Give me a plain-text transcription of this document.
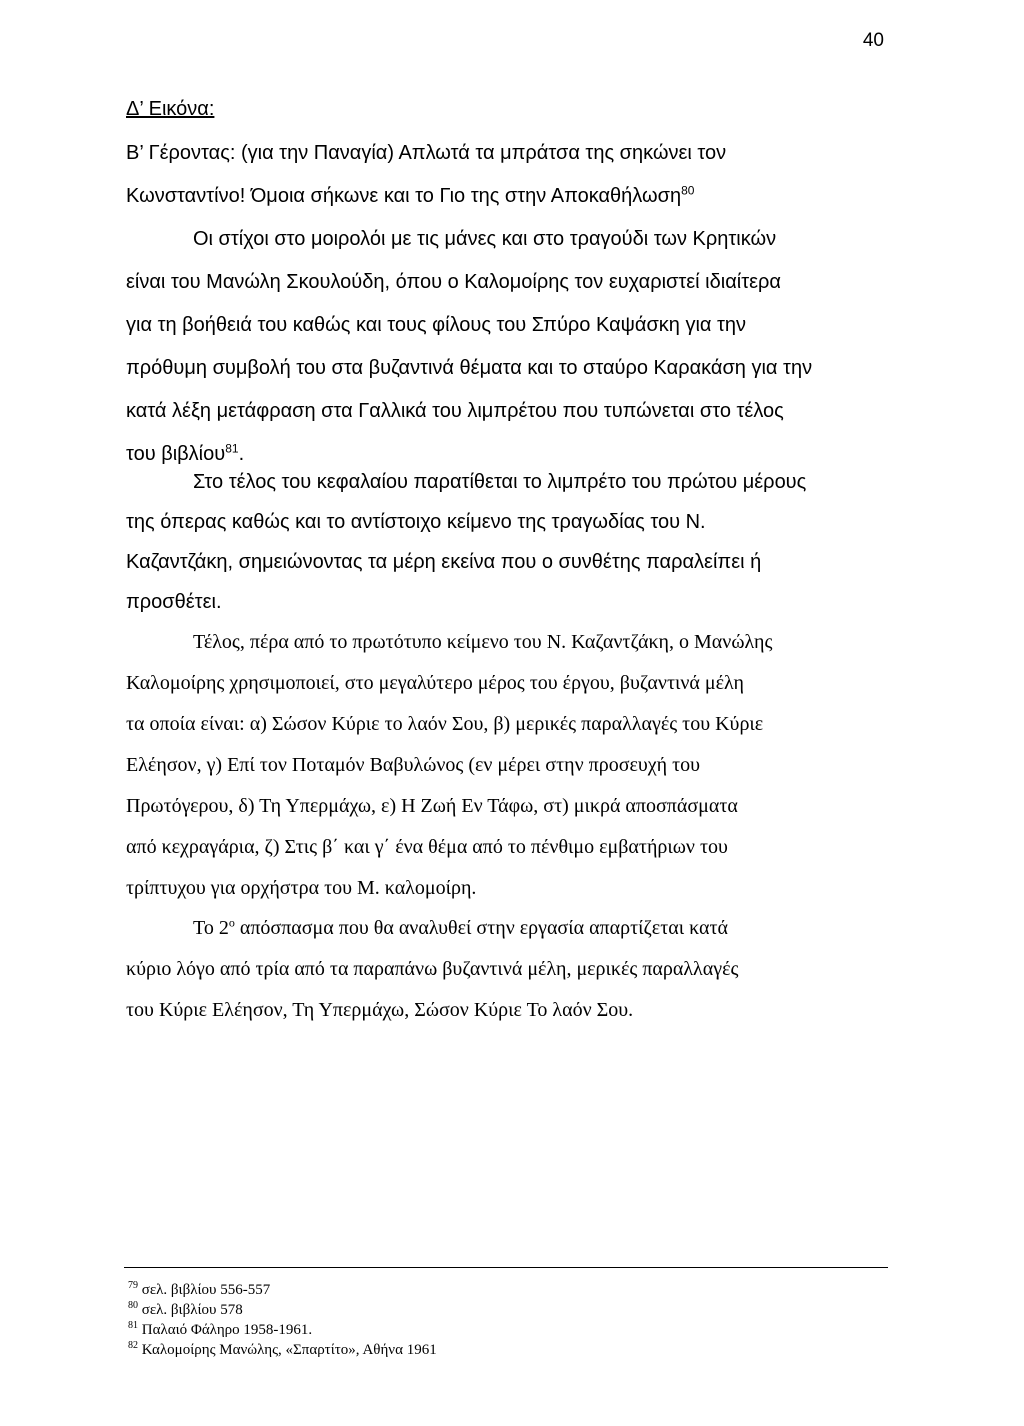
40
Δ’ Εικόνα:
Β’ Γέροντας: (για την Παναγία) Απλωτά τα μπράτσα της σηκώνει τον
Κωνσταντίνο! Όμοια σήκωνε και το Γιο της στην Αποκαθήλωση$^{80}$
Οι στίχοι στο μοιρολόι με τις μάνες και στο τραγούδι των Κρητικών
είναι του Μανώλη Σκουλούδη, όπου ο Καλομοίρης τον ευχαριστεί ιδιαίτερα
για τη βοήθειά του καθώς και τους φίλους του Σπύρο Καψάσκη για την
πρόθυμη συμβολή του στα βυζαντινά θέματα και το σταύρο Καρακάση για την
κατά λέξη μετάφραση στα Γαλλικά του λιμπρέτου που τυπώνεται στο τέλος
του βιβλίου$^{81}$.
Στο τέλος του κεφαλαίου παρατίθεται το λιμπρέτο του πρώτου μέρους
της όπερας καθώς και το αντίστοιχο κείμενο της τραγωδίας του Ν.
Καζαντζάκη, σημειώνοντας τα μέρη εκείνα που ο συνθέτης παραλείπει ή
προσθέτει.
Τέλος, πέρα από το πρωτότυπο κείμενο του Ν. Καζαντζάκη, ο Μανώλης
Καλομοίρης χρησιμοποιεί, στο μεγαλύτερο μέρος του έργου, βυζαντινά μέλη
τα οποία είναι: α) Σώσον Κύριε το λαόν Σου, β) μερικές παραλλαγές του Κύριε
Ελέησον, γ) Επί τον Ποταμόν Βαβυλώνος (εν μέρει στην προσευχή του
Πρωτόγερου, δ) Τη Υπερμάχω, ε) Η Ζωή Εν Τάφω, στ) μικρά αποσπάσματα
από κεχραγάρια, ζ) Στις β΄ και γ΄ ένα θέμα από το πένθιμο εμβατήριων του
τρίπτυχου για ορχήστρα του Μ. καλομοίρη.
Το $2^o$ απόσπασμα που θα αναλυθεί στην εργασία απαρτίζεται κατά
κύριο λόγο από τρία από τα παραπάνω βυζαντινά μέλη, μερικές παραλλαγές
του Κύριε Ελέησον, Τη Υπερμάχω, Σώσον Κύριε Το λαόν Σου.
$^{79}$ σελ. βιβλίου 556-557
$^{80}$ σελ. βιβλίου 578
$^{81}$ Παλαιό Φάληρο 1958-1961.
$^{82}$ Καλομοίρης Μανώλης, «Σπαρτίτο», Αθήνα 1961
